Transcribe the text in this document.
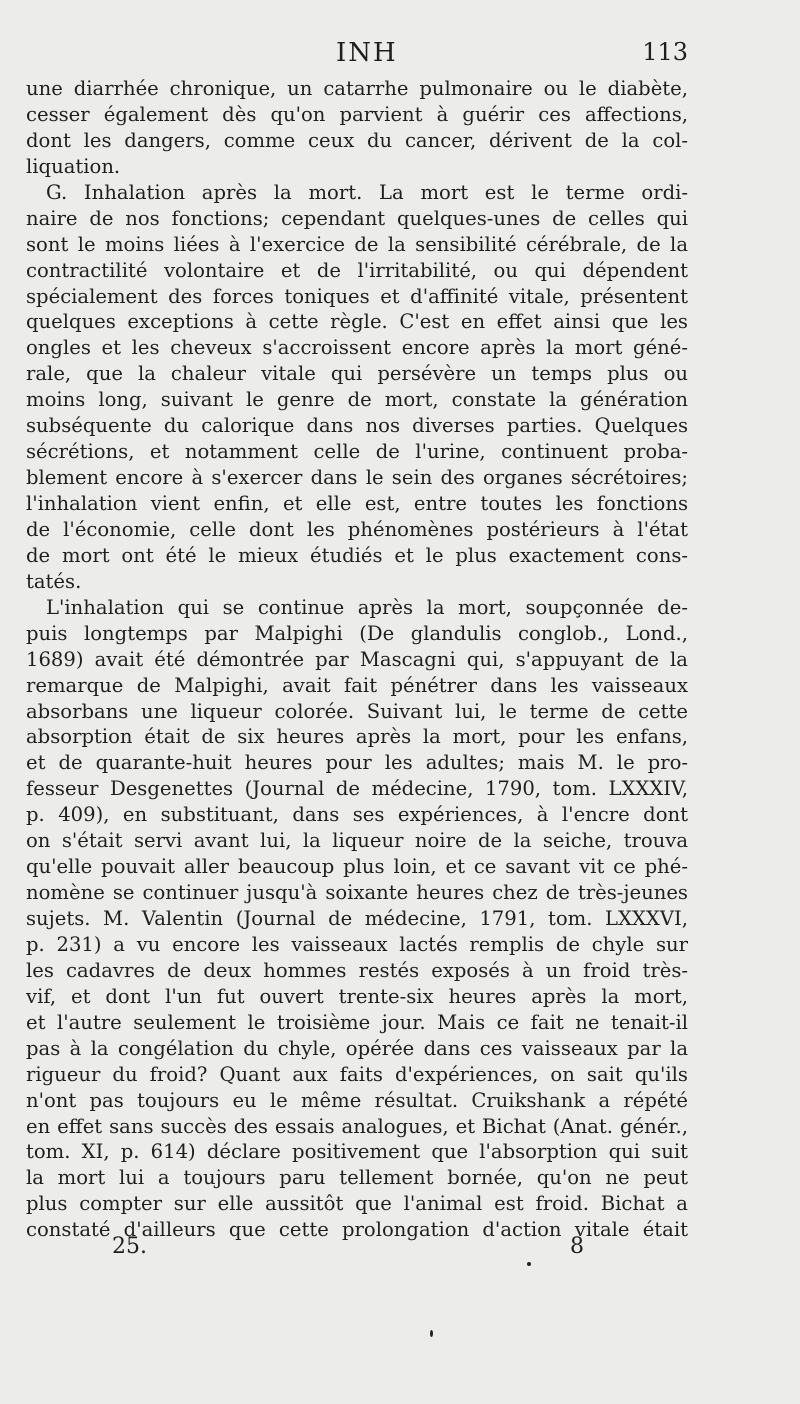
INH	113
une diarrhée chronique, un catarrhe pulmonaire ou le diabète,
cesser également dès qu'on parvient à guérir ces affections,
dont les dangers, comme ceux du cancer, dérivent de la col-
liquation.
G. Inhalation après la mort. La mort est le terme ordi-
naire de nos fonctions; cependant quelques-unes de celles qui
sont le moins liées à l'exercice de la sensibilité cérébrale, de la
contractilité volontaire et de l'irritabilité, ou qui dépendent
spécialement des forces toniques et d'affinité vitale, présentent
quelques exceptions à cette règle. C'est en effet ainsi que les
ongles et les cheveux s'accroissent encore après la mort géné-
rale, que la chaleur vitale qui persévère un temps plus ou
moins long, suivant le genre de mort, constate la génération
subséquente du calorique dans nos diverses parties. Quelques
sécrétions, et notamment celle de l'urine, continuent proba-
blement encore à s'exercer dans le sein des organes sécrétoires;
l'inhalation vient enfin, et elle est, entre toutes les fonctions
de l'économie, celle dont les phénomènes postérieurs à l'état
de mort ont été le mieux étudiés et le plus exactement cons-
tatés.
L'inhalation qui se continue après la mort, soupçonnée de-
puis longtemps par Malpighi (De glandulis conglob., Lond.,
1689) avait été démontrée par Mascagni qui, s'appuyant de la
remarque de Malpighi, avait fait pénétrer dans les vaisseaux
absorbans une liqueur colorée. Suivant lui, le terme de cette
absorption était de six heures après la mort, pour les enfans,
et de quarante-huit heures pour les adultes; mais M. le pro-
fesseur Desgenettes (Journal de médecine, 1790, tom. LXXXIV,
p. 409), en substituant, dans ses expériences, à l'encre dont
on s'était servi avant lui, la liqueur noire de la seiche, trouva
qu'elle pouvait aller beaucoup plus loin, et ce savant vit ce phé-
nomène se continuer jusqu'à soixante heures chez de très-jeunes
sujets. M. Valentin (Journal de médecine, 1791, tom. LXXXVI,
p. 231) a vu encore les vaisseaux lactés remplis de chyle sur
les cadavres de deux hommes restés exposés à un froid très-
vif, et dont l'un fut ouvert trente-six heures après la mort,
et l'autre seulement le troisième jour. Mais ce fait ne tenait-il
pas à la congélation du chyle, opérée dans ces vaisseaux par la
rigueur du froid? Quant aux faits d'expériences, on sait qu'ils
n'ont pas toujours eu le même résultat. Cruikshank a répété
en effet sans succès des essais analogues, et Bichat (Anat. génér.,
tom. XI, p. 614) déclare positivement que l'absorption qui suit
la mort lui a toujours paru tellement bornée, qu'on ne peut
plus compter sur elle aussitôt que l'animal est froid. Bichat a
constaté d'ailleurs que cette prolongation d'action vitale était
25.	8
